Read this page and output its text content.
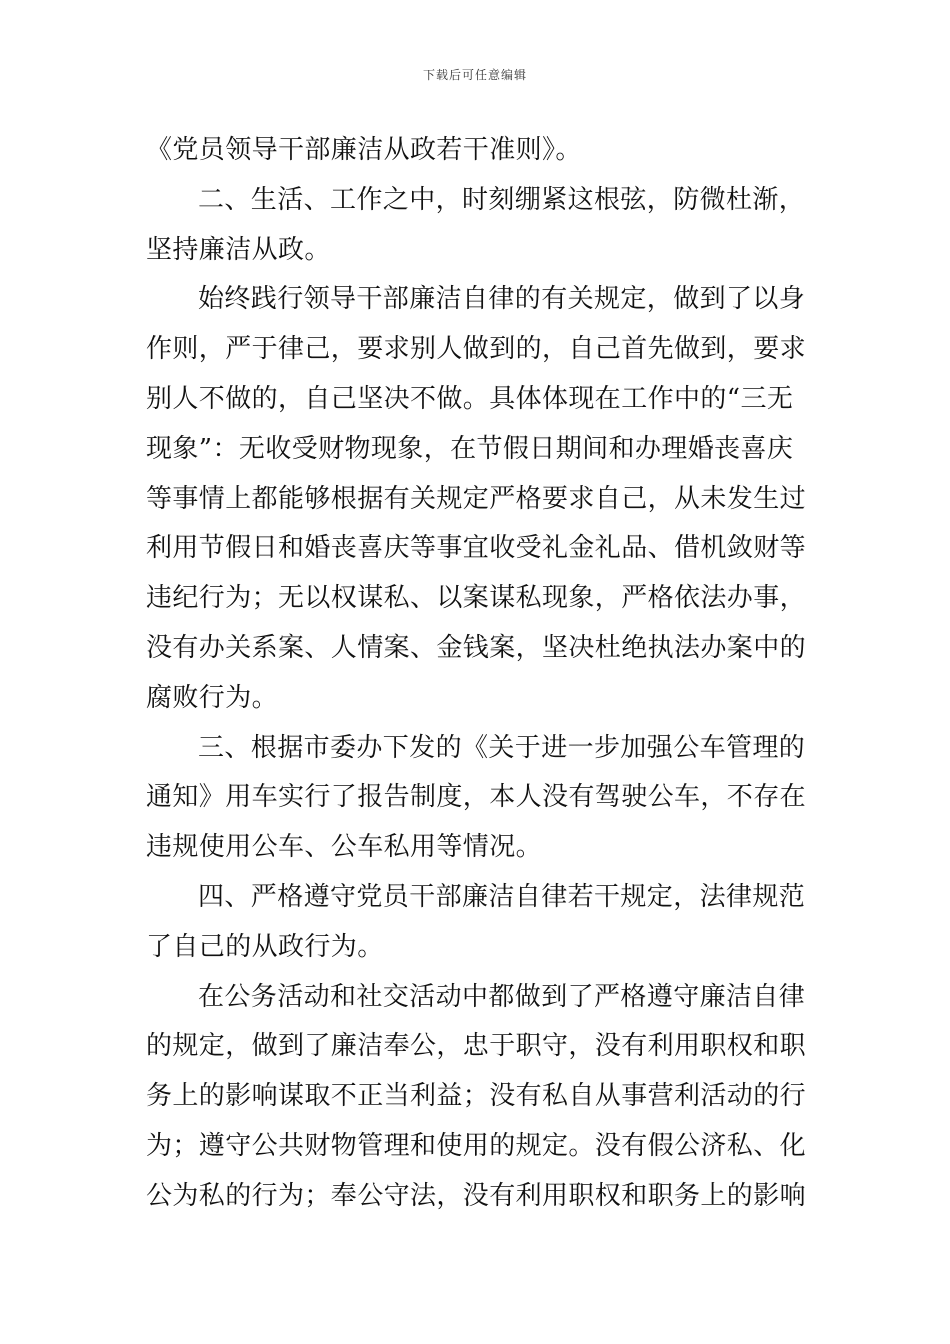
下载后可任意编辑
《党员领导干部廉洁从政若干准则》。
二、生活、工作之中，时刻绷紧这根弦，防微杜渐，
坚持廉洁从政。
始终践行领导干部廉洁自律的有关规定，做到了以身
作则，严于律己，要求别人做到的，自己首先做到，要求
别人不做的，自己坚决不做。具体体现在工作中的“三无
现象”：无收受财物现象，在节假日期间和办理婚丧喜庆
等事情上都能够根据有关规定严格要求自己，从未发生过
利用节假日和婚丧喜庆等事宜收受礼金礼品、借机敛财等
违纪行为；无以权谋私、以案谋私现象，严格依法办事，
没有办关系案、人情案、金钱案，坚决杜绝执法办案中的
腐败行为。
三、根据市委办下发的《关于进一步加强公车管理的
通知》用车实行了报告制度，本人没有驾驶公车，不存在
违规使用公车、公车私用等情况。
四、严格遵守党员干部廉洁自律若干规定，法律规范
了自己的从政行为。
在公务活动和社交活动中都做到了严格遵守廉洁自律
的规定，做到了廉洁奉公，忠于职守，没有利用职权和职
务上的影响谋取不正当利益；没有私自从事营利活动的行
为；遵守公共财物管理和使用的规定。没有假公济私、化
公为私的行为；奉公守法，没有利用职权和职务上的影响
